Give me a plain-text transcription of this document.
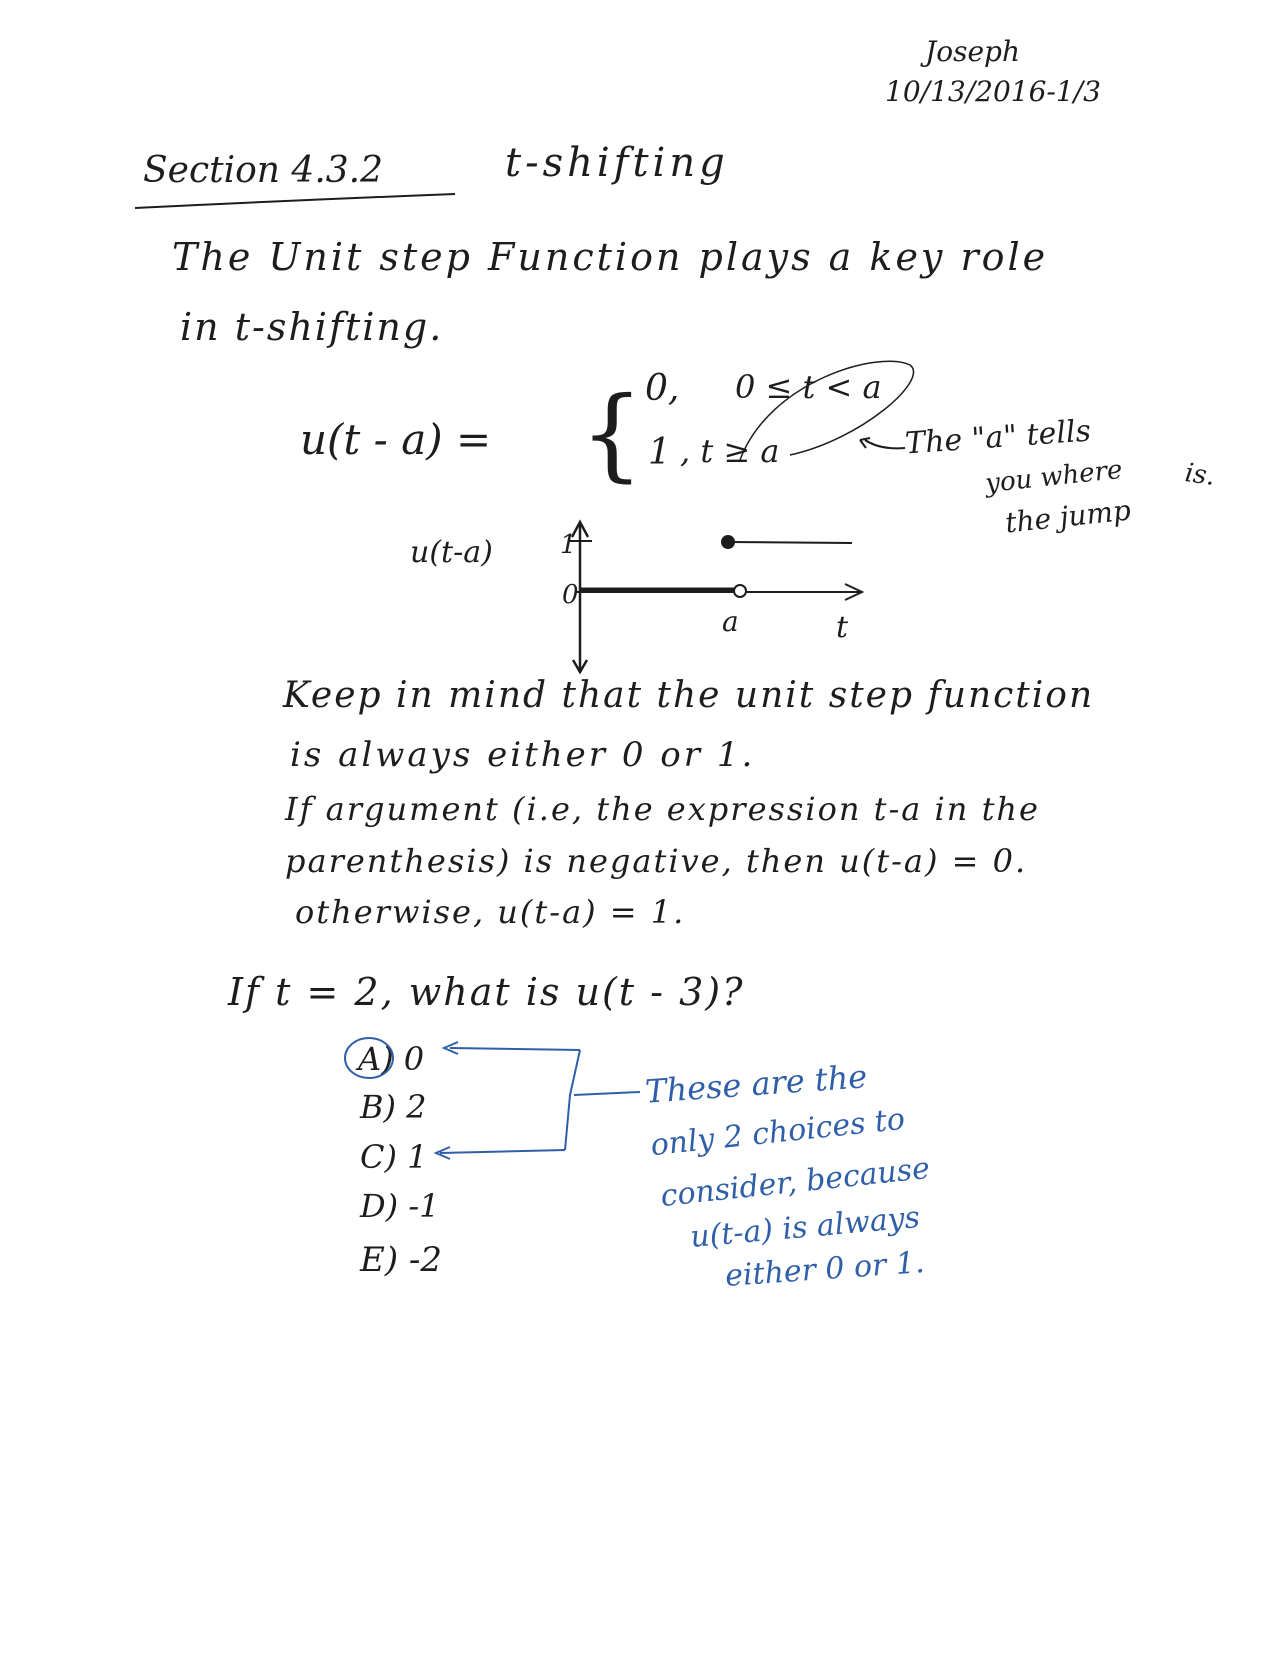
Joseph
10/13/2016-1/3
Section 4.3.2	t-shifting
The Unit step Function plays a key role
in t-shifting.
u(t - a) = { 0, 0 ≤ t < a
1 , t ≥ a	The "a" tells
you where
the jump
is.
u(t-a)	1
0
a	t
Keep in mind that the unit step function
is always either 0 or 1.
If argument (i.e, the expression t-a in the
parenthesis) is negative, then u(t-a) = 0.
otherwise, u(t-a) = 1.
If t = 2, what is u(t - 3)?
A) 0
B) 2
C) 1
D) -1
E) -2
These are the
only 2 choices to
consider, because
u(t-a) is always
either 0 or 1.
